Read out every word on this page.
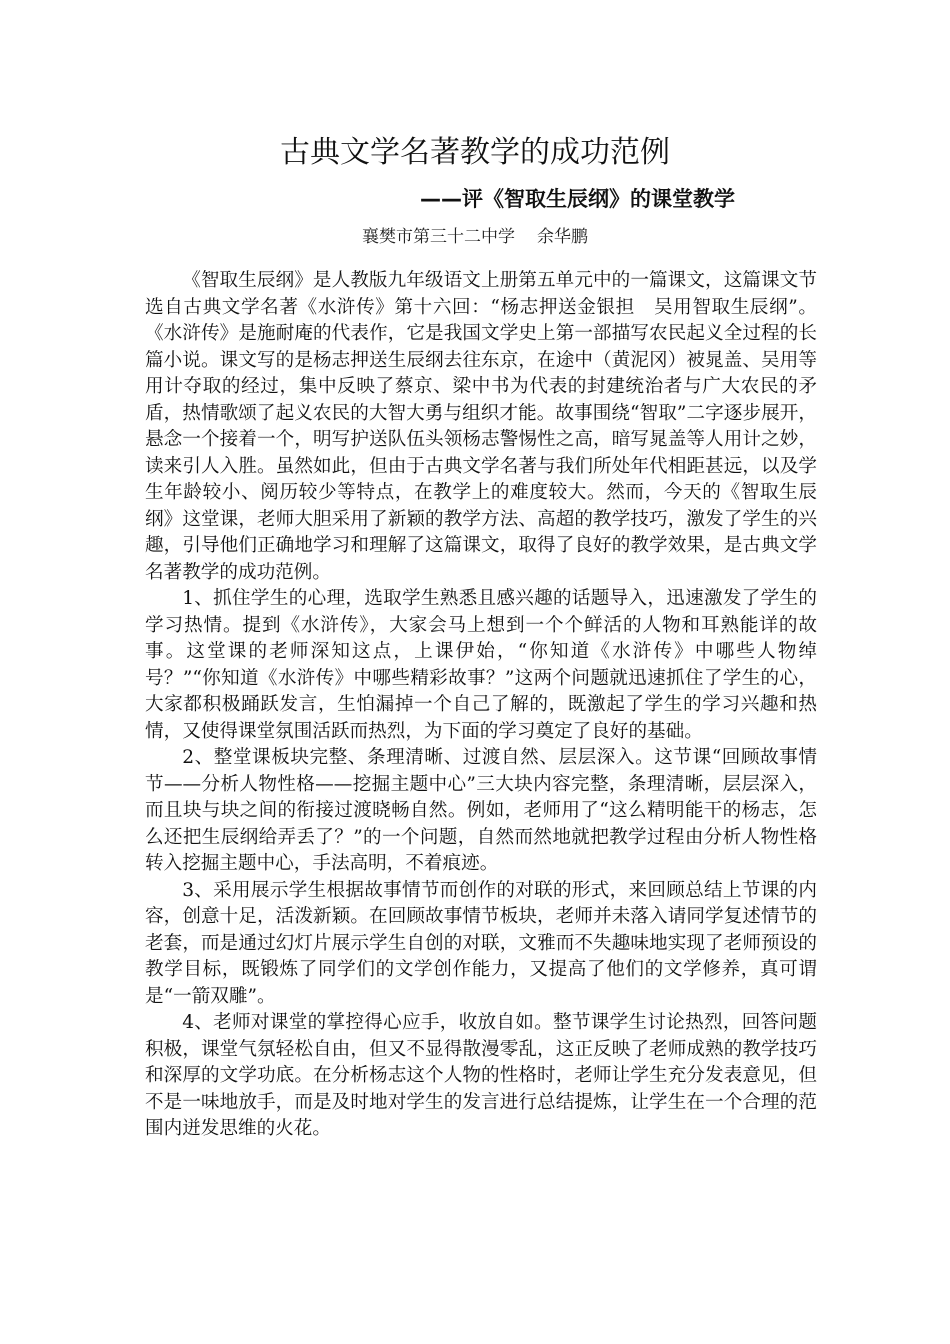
古典文学名著教学的成功范例
——评《智取生辰纲》的课堂教学
襄樊市第三十二中学 余华鹏

《智取生辰纲》是人教版九年级语文上册第五单元中的一篇课文，这篇课文节选自古典文学名著《水浒传》第十六回：“杨志押送金银担　吴用智取生辰纲”。《水浒传》是施耐庵的代表作，它是我国文学史上第一部描写农民起义全过程的长篇小说。课文写的是杨志押送生辰纲去往东京，在途中（黄泥冈）被晁盖、吴用等用计夺取的经过，集中反映了蔡京、梁中书为代表的封建统治者与广大农民的矛盾，热情歌颂了起义农民的大智大勇与组织才能。故事围绕“智取”二字逐步展开，悬念一个接着一个，明写护送队伍头领杨志警惕性之高，暗写晁盖等人用计之妙，读来引人入胜。虽然如此，但由于古典文学名著与我们所处年代相距甚远，以及学生年龄较小、阅历较少等特点，在教学上的难度较大。然而，今天的《智取生辰纲》这堂课，老师大胆采用了新颖的教学方法、高超的教学技巧，激发了学生的兴趣，引导他们正确地学习和理解了这篇课文，取得了良好的教学效果，是古典文学名著教学的成功范例。

1、抓住学生的心理，选取学生熟悉且感兴趣的话题导入，迅速激发了学生的学习热情。提到《水浒传》，大家会马上想到一个个鲜活的人物和耳熟能详的故事。这堂课的老师深知这点，上课伊始，“你知道《水浒传》中哪些人物绰号？”“你知道《水浒传》中哪些精彩故事？”这两个问题就迅速抓住了学生的心，大家都积极踊跃发言，生怕漏掉一个自己了解的，既激起了学生的学习兴趣和热情，又使得课堂氛围活跃而热烈，为下面的学习奠定了良好的基础。

2、整堂课板块完整、条理清晰、过渡自然、层层深入。这节课“回顾故事情节——分析人物性格——挖掘主题中心”三大块内容完整，条理清晰，层层深入，而且块与块之间的衔接过渡晓畅自然。例如，老师用了“这么精明能干的杨志，怎么还把生辰纲给弄丢了？”的一个问题，自然而然地就把教学过程由分析人物性格转入挖掘主题中心，手法高明，不着痕迹。

3、采用展示学生根据故事情节而创作的对联的形式，来回顾总结上节课的内容，创意十足，活泼新颖。在回顾故事情节板块，老师并未落入请同学复述情节的老套，而是通过幻灯片展示学生自创的对联，文雅而不失趣味地实现了老师预设的教学目标，既锻炼了同学们的文学创作能力，又提高了他们的文学修养，真可谓是“一箭双雕”。

4、老师对课堂的掌控得心应手，收放自如。整节课学生讨论热烈，回答问题积极，课堂气氛轻松自由，但又不显得散漫零乱，这正反映了老师成熟的教学技巧和深厚的文学功底。在分析杨志这个人物的性格时，老师让学生充分发表意见，但不是一味地放手，而是及时地对学生的发言进行总结提炼，让学生在一个合理的范围内迸发思维的火花。
